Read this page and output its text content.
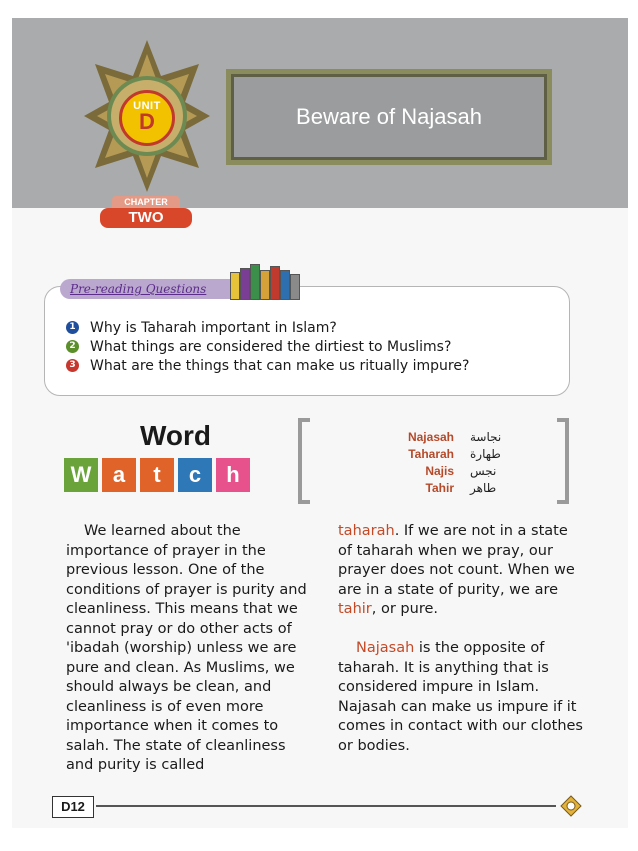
UNIT
D	Beware of Najasah
CHAPTER
TWO
Pre-reading Questions
1 Why is Taharah important in Islam?
2 What things are considered the dirtiest to Muslims?
3 What are the things that can make us ritually impure?
Word
W a	t	c	h
Najasah نجاسة
Taharah طهارة
Najis نجس
Tahir طاهر

We learned about the importance of prayer in the previous lesson. One of the conditions of prayer is purity and cleanliness. This means that we cannot pray or do other acts of 'ibadah (worship) unless we are pure and clean. As Muslims, we should always be clean, and cleanliness is of even more importance when it comes to salah. The state of cleanliness and purity is called

taharah. If we are not in a state of taharah when we pray, our prayer does not count. When we are in a state of purity, we are tahir, or pure.

Najasah is the opposite of taharah. It is anything that is considered impure in Islam. Najasah can make us impure if it comes in contact with our clothes or bodies.

D12
